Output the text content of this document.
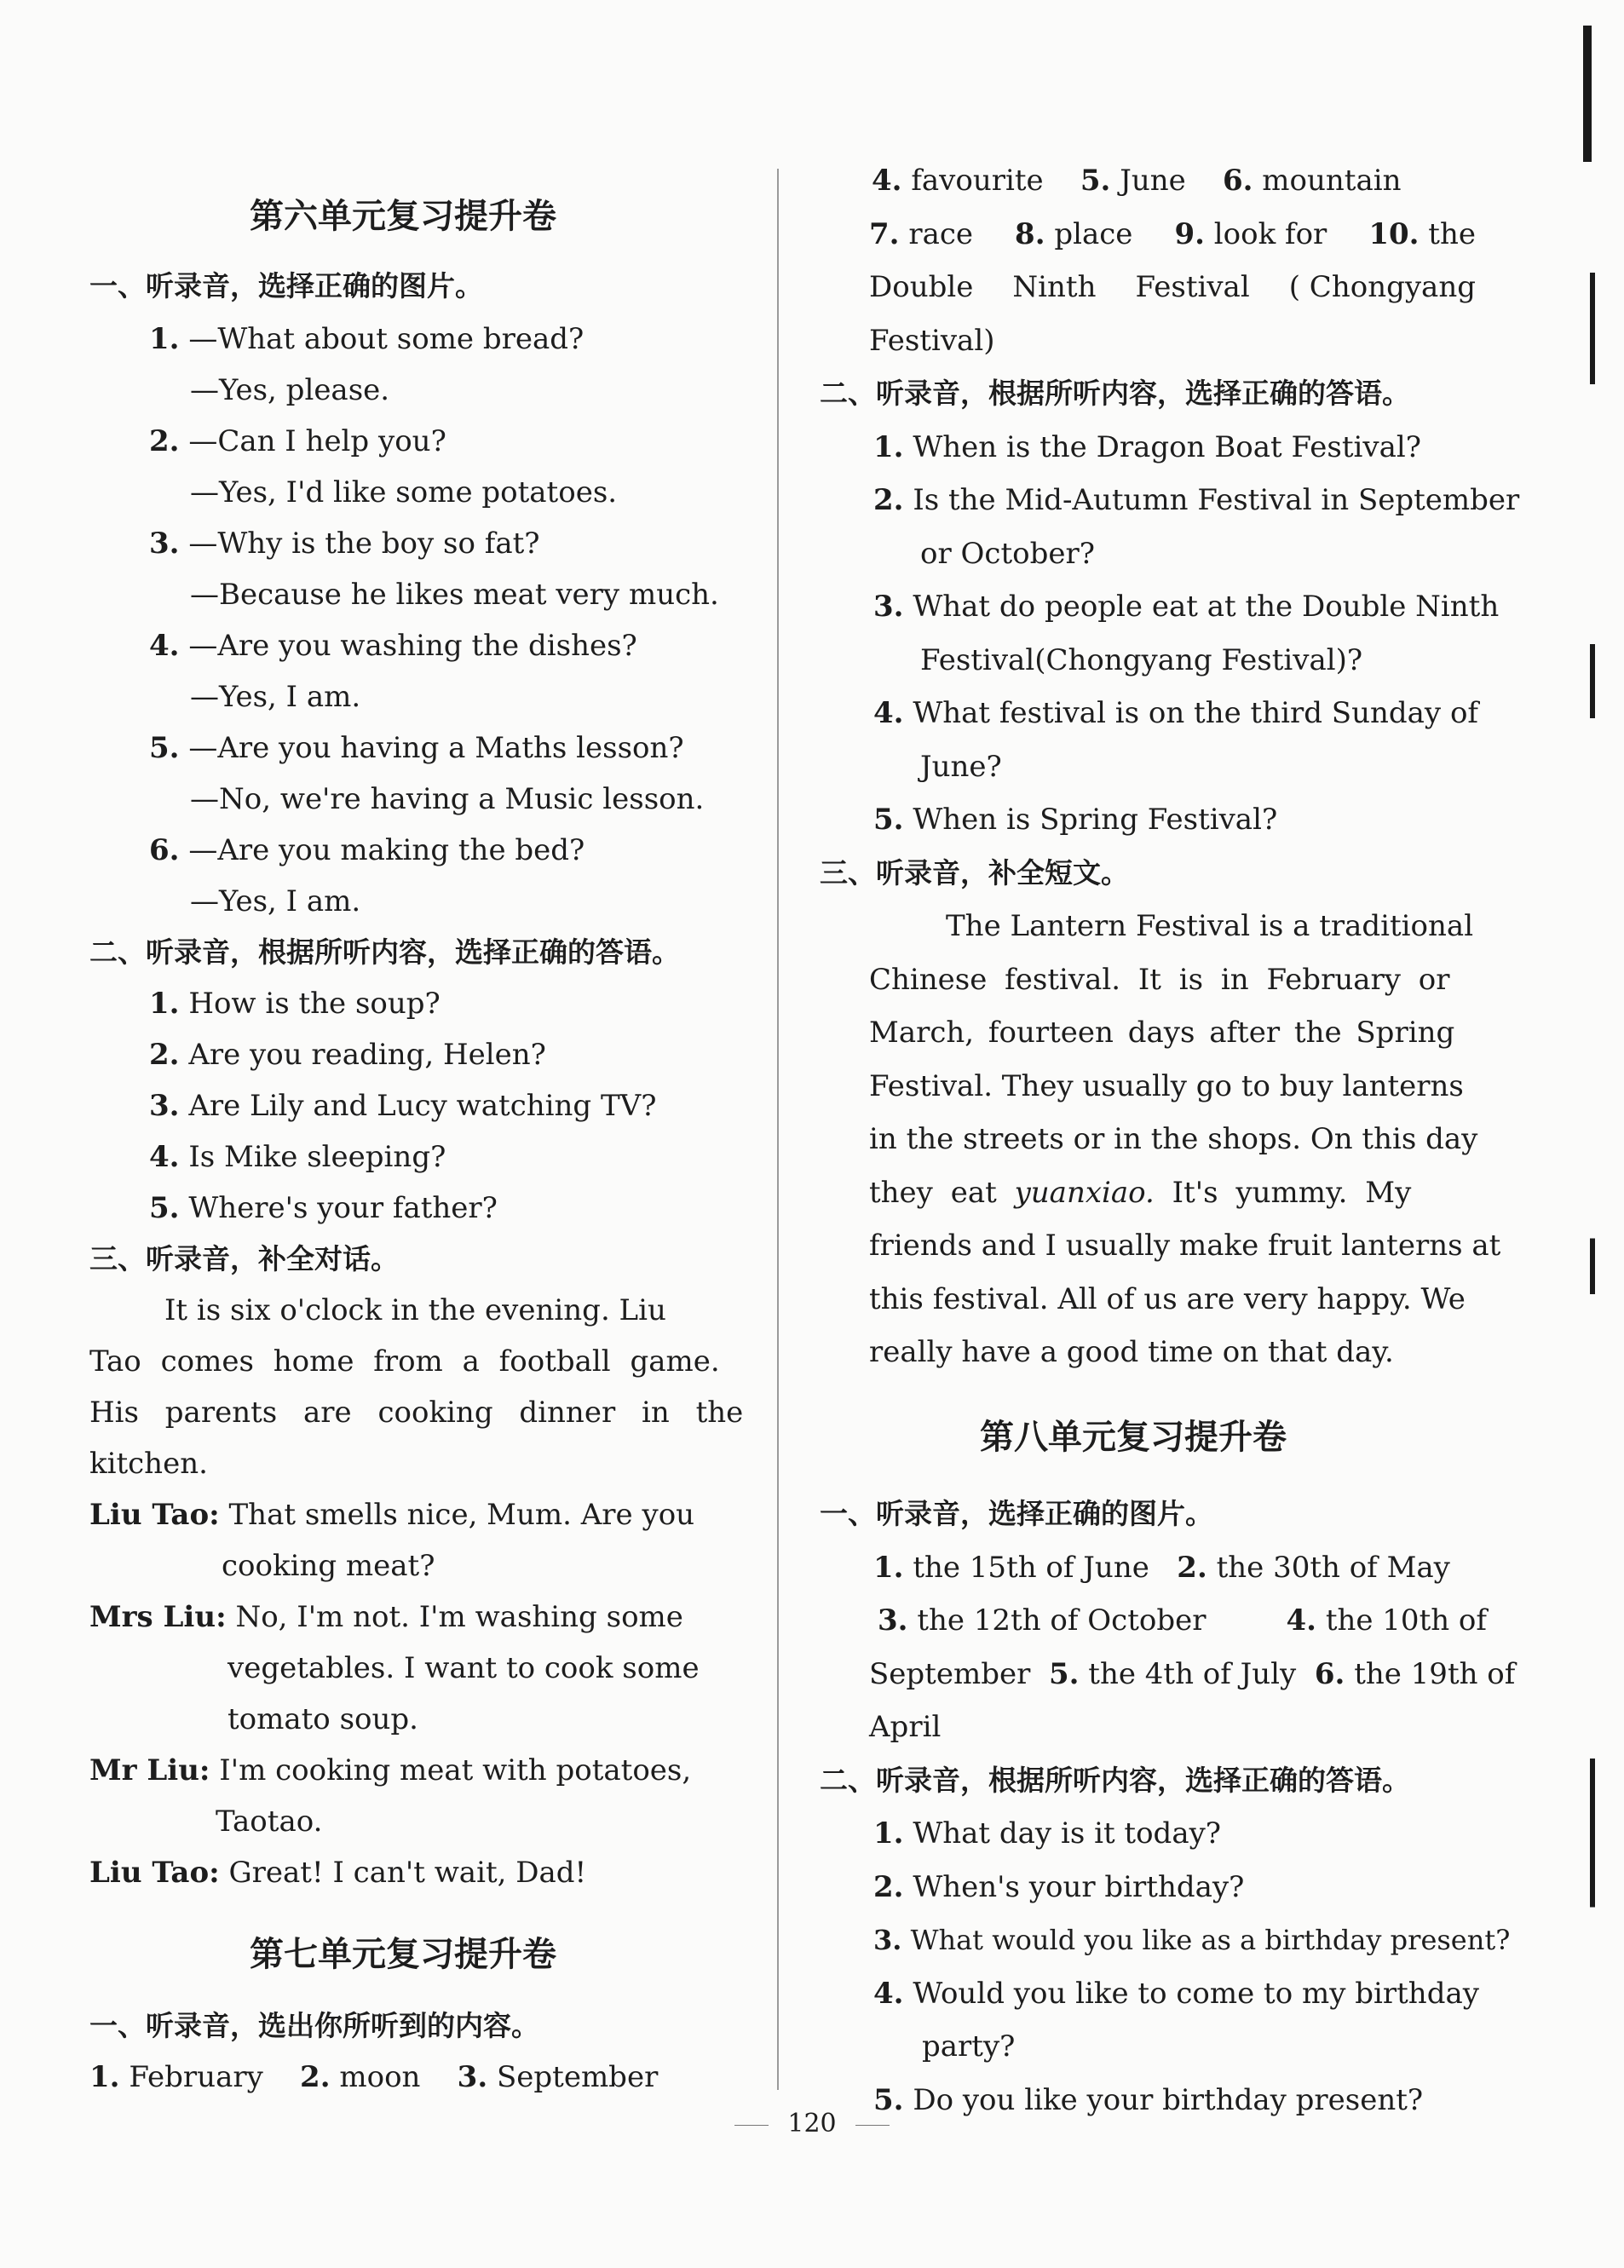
第六单元复习提升卷
一、听录音，选择正确的图片。
1. —What about some bread?
—Yes, please.
2. —Can I help you?
—Yes, I'd like some potatoes.
3. —Why is the boy so fat?
—Because he likes meat very much.
4. —Are you washing the dishes?
—Yes, I am.
5. —Are you having a Maths lesson?
—No, we're having a Music lesson.
6. —Are you making the bed?
—Yes, I am.
二、听录音，根据所听内容，选择正确的答语。
1. How is the soup?
2. Are you reading, Helen?
3. Are Lily and Lucy watching TV?
4. Is Mike sleeping?
5. Where's your father?
三、听录音，补全对话。
It is six o'clock in the evening. Liu
Tao comes home from a football game.
His parents are cooking dinner in the
kitchen.
Liu Tao: That smells nice, Mum. Are you
cooking meat?
Mrs Liu: No, I'm not. I'm washing some
vegetables. I want to cook some
tomato soup.
Mr Liu: I'm cooking meat with potatoes,
Taotao.
Liu Tao: Great! I can't wait, Dad!
第七单元复习提升卷
一、听录音，选出你所听到的内容。
1. February 2. moon 3. September
4. favourite 5. June 6. mountain
7. race 8. place 9. look for 10. the
Double Ninth Festival ( Chongyang
Festival)
二、听录音，根据所听内容，选择正确的答语。
1. When is the Dragon Boat Festival?
2. Is the Mid-Autumn Festival in September
or October?
3. What do people eat at the Double Ninth
Festival(Chongyang Festival)?
4. What festival is on the third Sunday of
June?
5. When is Spring Festival?
三、听录音，补全短文。
The Lantern Festival is a traditional
Chinese festival. It is in February or
March, fourteen days after the Spring
Festival. They usually go to buy lanterns
in the streets or in the shops. On this day
they eat yuanxiao. It's yummy. My
friends and I usually make fruit lanterns at
this festival. All of us are very happy. We
really have a good time on that day.
第八单元复习提升卷
一、听录音，选择正确的图片。
1. the 15th of June 2. the 30th of May
3. the 12th of October	4. the 10th of
September 5. the 4th of July 6. the 19th of
April
二、听录音，根据所听内容，选择正确的答语。
1. What day is it today?
2. When's your birthday?
3. What would you like as a birthday present?
4. Would you like to come to my birthday
party?
5. Do you like your birthday present?
120
